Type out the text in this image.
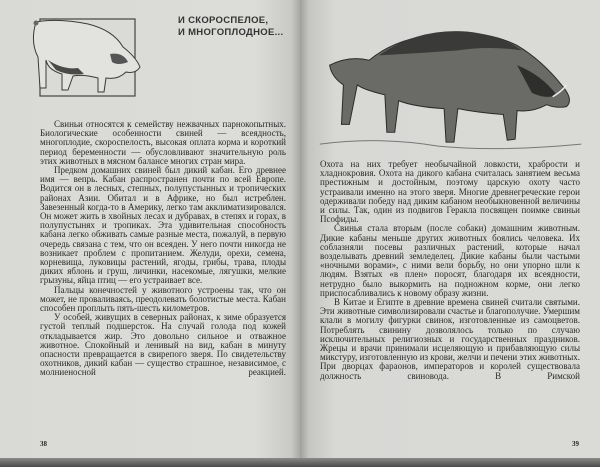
И СКОРОСПЕЛОЕ,
И МНОГОПЛОДНОЕ...

Свиньи относятся к семейству нежвачных парнокопытных. Биологические особенности свиней — всеядность, многоплодие, скороспелость, высокая оплата корма и короткий период беременности — обусловливают значительную роль этих животных в мясном балансе многих стран мира.

Предком домашних свиней был дикий кабан. Его древнее имя — вепрь. Кабан распространен почти по всей Европе. Водится он в лесных, степных, полупустынных и тропических районах Азии. Обитал и в Африке, но был истреблен. Завезенный когда-то в Америку, легко там акклиматизировался. Он может жить в хвойных лесах и дубравах, в степях и горах, в полупустынях и тропиках. Эта удивительная способность кабана легко обживать самые разные места, пожалуй, в первую очередь связана с тем, что он всеяден. У него почти никогда не возникает проблем с пропитанием. Желуди, орехи, семена, корневища, луковицы растений, ягоды, грибы, трава, плоды диких яблонь и груш, личинки, насекомые, лягушки, мелкие грызуны, яйца птиц — его устраивает все.

Пальцы конечностей у животного устроены так, что он может, не проваливаясь, преодолевать болотистые места. Кабан способен проплыть пять-шесть километров.

У особей, живущих в северных районах, к зиме образуется густой теплый подшерсток. На случай голода под кожей откладывается жир. Это довольно сильное и отважное животное. Спокойный и ленивый на вид, кабан в минуту опасности превращается в свирепого зверя. По свидетельству охотников, дикий кабан — существо страшное, независимое, с молниеносной реакцией.

38

Охота на них требует необычайной ловкости, храбрости и хладнокровия. Охота на дикого кабана считалась занятием весьма престижным и достойным, поэтому царскую охоту часто устраивали именно на этого зверя. Многие древнегреческие герои одерживали победу над диким кабаном необыкновенной величины и силы. Так, один из подвигов Геракла посвящен поимке свиньи Псофиды.

Свинья стала вторым (после собаки) домашним животным. Дикие кабаны меньше других животных боялись человека. Их соблазняли посевы различных растений, которые начал возделывать древний земледелец. Дикие кабаны были частыми «ночными ворами», с ними вели борьбу, но они упорно шли к людям. Взятых «в плен» поросят, благодаря их всеядности, нетрудно было выкормить на подножном корме, они легко приспосабливались к новому образу жизни.

В Китае и Египте в древние времена свиней считали святыми. Эти животные символизировали счастье и благополучие. Умершим клали в могилу фигурки свинок, изготовленные из самоцветов. Потреблять свинину дозволялось только по случаю исключительных религиозных и государственных праздников. Жрецы и врачи принимали исцеляющую и прибавляющую силы микстуру, изготовленную из крови, желчи и печени этих животных. При дворцах фараонов, императоров и королей существовала должность свиновода. В Римской

39
